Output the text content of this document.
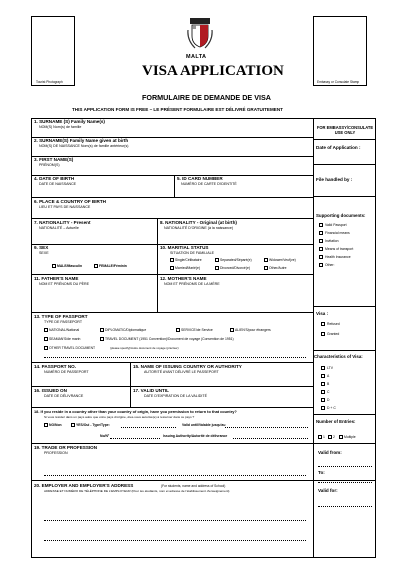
Tourist Photograph	Embassy or Consulate Stamp
MALTA
VISA APPLICATION
FORMULAIRE DE DEMANDE DE VISA
THIS APPLICATION FORM IS FREE – LE PRÉSENT FORMULAIRE EST DÉLIVRÉ GRATUITEMENT
1. SURNAME (S) Family Name(s)
NOM(S) Nom(s) de famille
2. SURNAME(S) Family Name given at birth
NOM(S) DE NAISSANCE Nom(s) de famille antérieur(s)
3. FIRST NAME(S)
PRÉNOM(S)
4. DATE OF BIRTH
DATE DE NAISSANCE
5. ID CARD NUMBER
NUMÉRO DE CARTE D'IDENTITÉ
6. PLACE & COUNTRY OF BIRTH
LIEU ET PAYS DE NAISSANCE
7. NATIONALITY - Present
NATIONALITÉ – Actuelle
8. NATIONALITY - Original (at birth)
NATIONALITÉ D'ORIGINE (à la naissance)
9. SEX
SEXE
MALE/Masculin	FEMALE/Féminin
10. MARITIAL STATUS
SITUATION DE FAMILIALE
Single/Célibataire	Separated/Séparé(e)	Widower/Veuf(ve)
Married/Marié(e)	Divorced/Divorcé(e)	Other/Autre
11. FATHER'S NAME
NOM ET PRÉNOMS DU PÈRE
12. MOTHER'S NAME
NOM ET PRÉNOMS DE LA MÈRE
13. TYPE OF PASSPORT
TYPE DE PASSEPORT
NATIONAL/National	DIPLOMATIC/Diplomatique	SERVICE/de Service	ALIEN'S/pour étrangers
SEAMAN'S/de marin	TRAVEL DOCUMENT (1951 Convention)/Document de voyage (Convention de 1951)
OTHER TRAVEL DOCUMENT	(please specify)/Autre document de voyage (préciser)
14. PASSPORT NO.
NUMÉRO DE PASSEPORT
15. NAME OF ISSUING COUNTRY OR AUTHORITY
AUTORITÉ AYANT DÉLIVRÉ LE PASSEPORT
16. ISSUED ON
DATE DE DÉLIVRANCE
17. VALID UNTIL
DATE D'EXPIRATION DE LA VALIDITÉ
18. If you reside in a country other than your country of origin, have you permission to return to that country?
Si vous résidez dans un pays autre que votre pays d'origine, êtes-vous autorisé(e) à retourner dans ce pays ?
NO/Non	YES/Oui - Type/Type:	Valid until/Valable jusqu'au
No/N°	Issuing Authority/Autorité de délivrance
19. TRADE OR PROFESSION
PROFESSION
20. EMPLOYER AND EMPLOYER'S ADDRESS	(For students, name and address of School)
ADRESSE ET NUMÉRO DE TÉLÉPHONE DE L'EMPLOYEUR (Pour les étudiants, nom et adresse de l'établissement d'enseignement)
FOR EMBASSY/CONSULATE USE ONLY
Date of Application :
File handled by :
Supporting documents:
Valid Passport
Financial means
Invitation
Means of transport
Health Insurance
Other:
Visa :
Refused
Granted
Characteristics of Visa:
LTV
A
B
C
D
D + C
Number of Entries:
1 2	Multiple
Valid from:
To:
Valid for:
